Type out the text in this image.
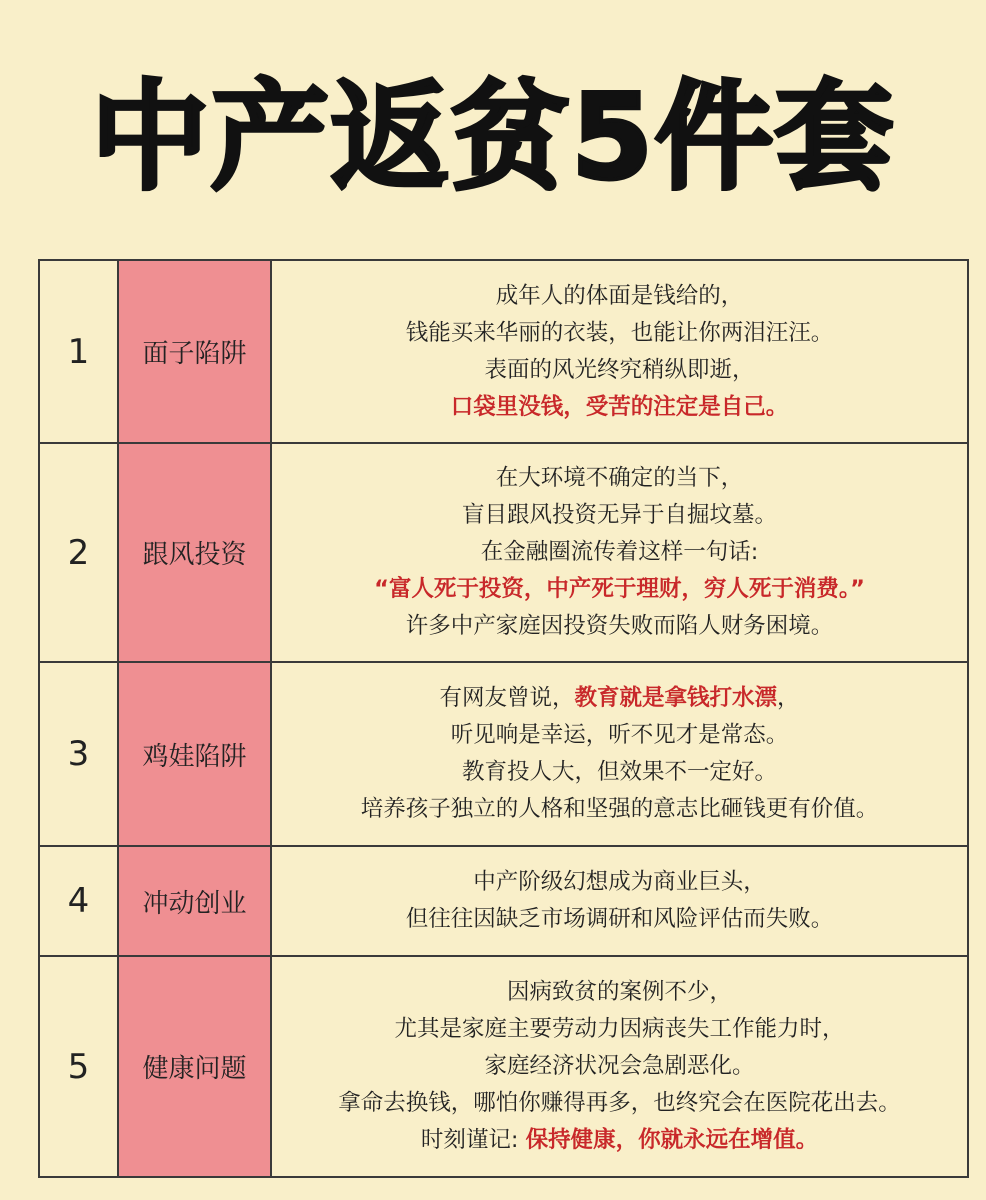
中产返贫5件套
1	面子陷阱	成年人的体面是钱给的，
钱能买来华丽的衣装，也能让你两泪汪汪。
表面的风光终究稍纵即逝，
口袋里没钱，受苦的注定是自己。

2	跟风投资	在大环境不确定的当下，
盲目跟风投资无异于自掘坟墓。
在金融圈流传着这样一句话:
“富人死于投资，中产死于理财，穷人死于消费。”
许多中产家庭因投资失败而陷人财务困境。

3	鸡娃陷阱	有网友曾说，教育就是拿钱打水漂，
听见响是幸运，听不见才是常态。
教育投人大，但效果不一定好。
培养孩子独立的人格和坚强的意志比砸钱更有价值。

4	冲动创业	中产阶级幻想成为商业巨头，
但往往因缺乏市场调研和风险评估而失败。

5	健康问题	因病致贫的案例不少，
尤其是家庭主要劳动力因病丧失工作能力时，
家庭经济状况会急剧恶化。
拿命去换钱，哪怕你赚得再多，也终究会在医院花出去。
时刻谨记: 保持健康，你就永远在增值。
